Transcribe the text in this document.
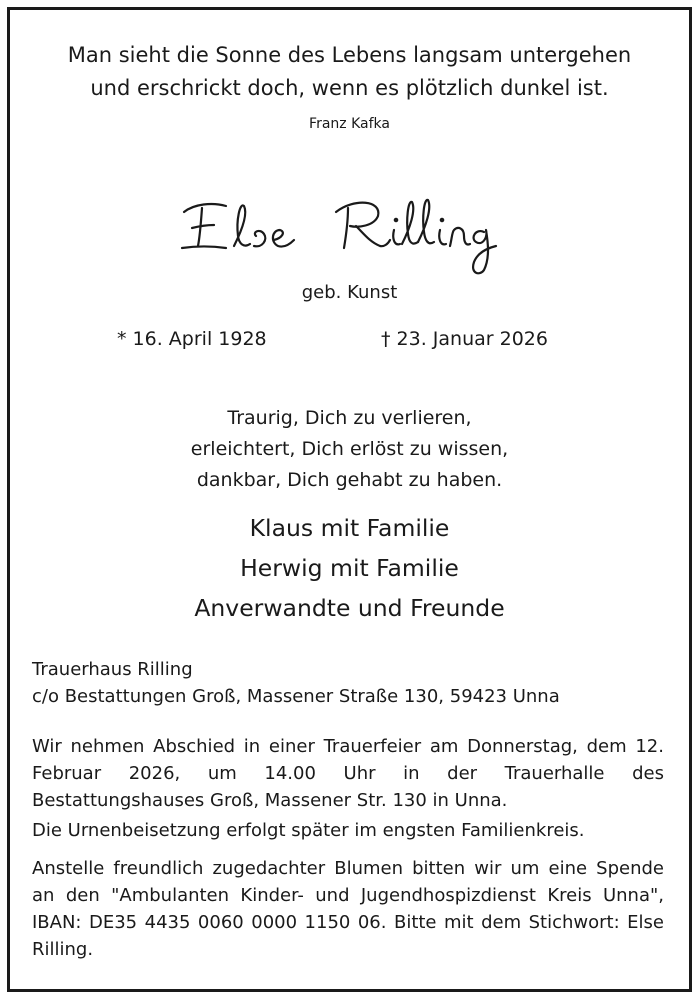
Man sieht die Sonne des Lebens langsam untergehen
und erschrickt doch, wenn es plötzlich dunkel ist.
Franz Kafka
geb. Kunst
* 16. April 1928	† 23. Januar 2026
Traurig, Dich zu verlieren,
erleichtert, Dich erlöst zu wissen,
dankbar, Dich gehabt zu haben.
Klaus mit Familie
Herwig mit Familie
Anverwandte und Freunde
Trauerhaus Rilling
c/o Bestattungen Groß, Massener Straße 130, 59423 Unna
Wir nehmen Abschied in einer Trauerfeier am Donnerstag, dem 12. Februar 2026, um 14.00 Uhr in der Trauerhalle des Bestattungshauses Groß, Massener Str. 130 in Unna.
Die Urnenbeisetzung erfolgt später im engsten Familienkreis.
Anstelle freundlich zugedachter Blumen bitten wir um eine Spende an den "Ambulanten Kinder- und Jugendhospizdienst Kreis Unna", IBAN: DE35 4435 0060 0000 1150 06. Bitte mit dem Stichwort: Else Rilling.
